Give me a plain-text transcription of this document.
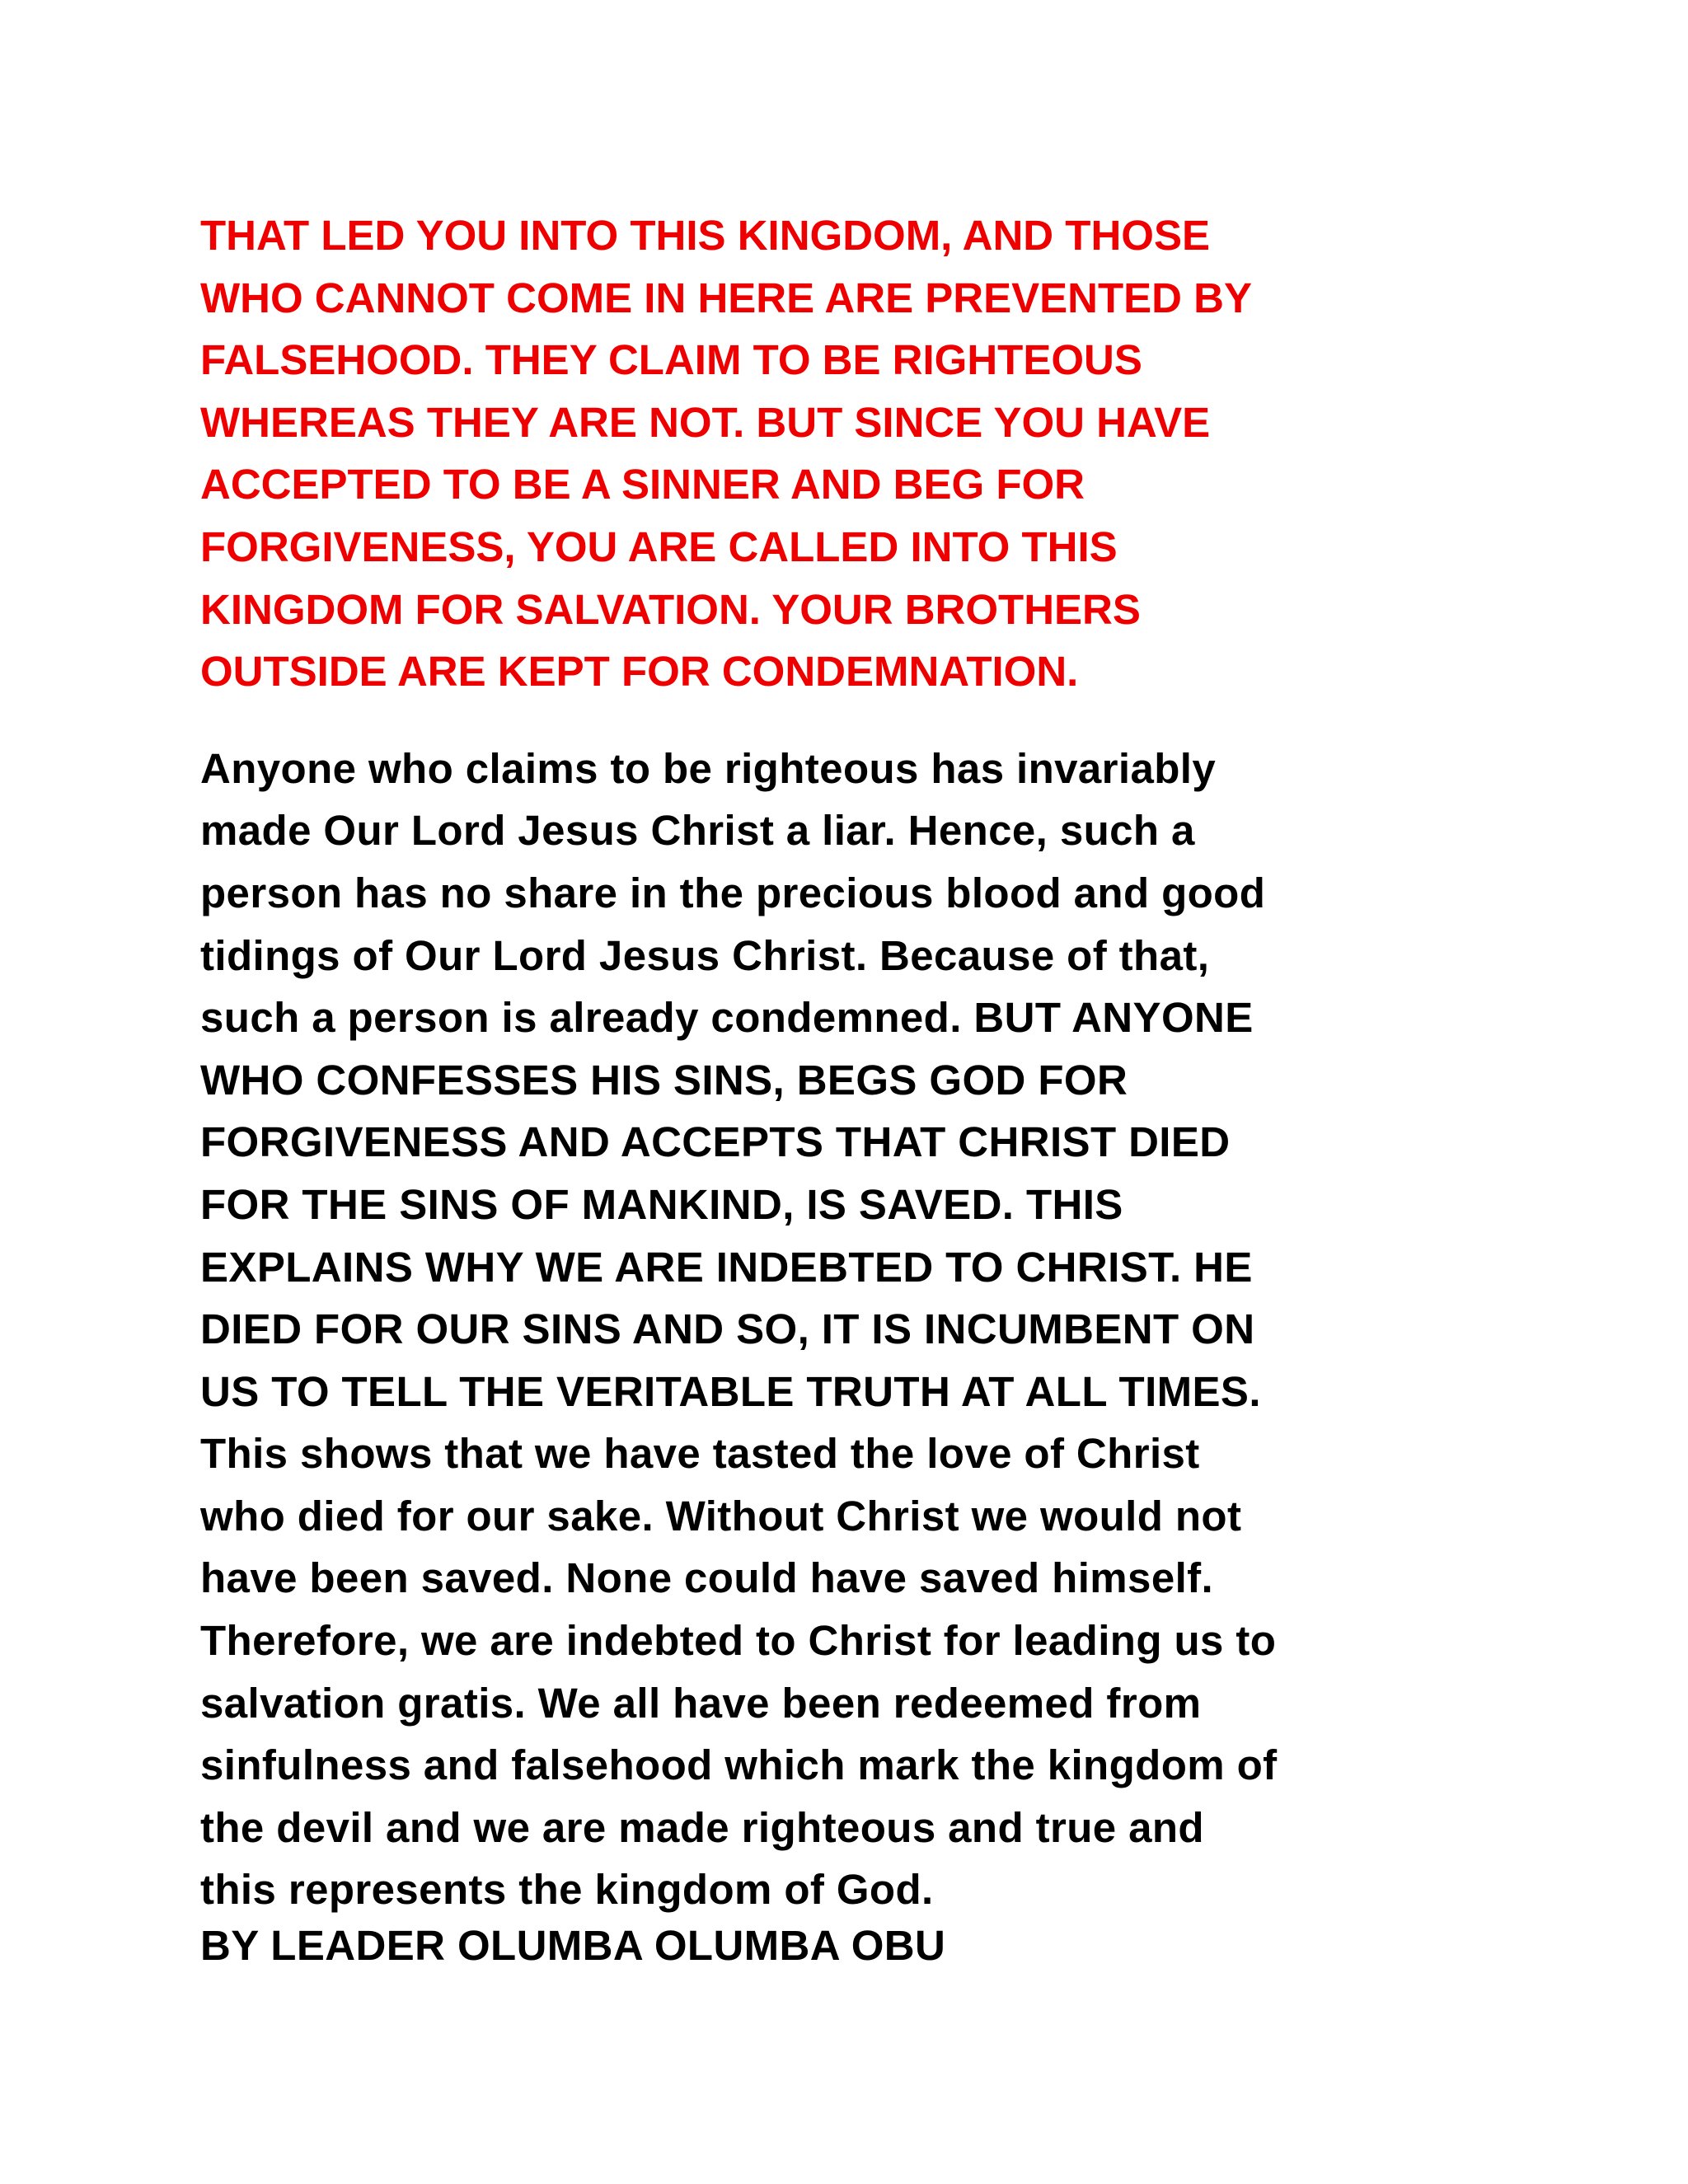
THAT LED YOU INTO THIS KINGDOM, AND THOSE
WHO CANNOT COME IN HERE ARE PREVENTED BY
FALSEHOOD. THEY CLAIM TO BE RIGHTEOUS
WHEREAS THEY ARE NOT. BUT SINCE YOU HAVE
ACCEPTED TO BE A SINNER AND BEG FOR
FORGIVENESS, YOU ARE CALLED INTO THIS
KINGDOM FOR SALVATION. YOUR BROTHERS
OUTSIDE ARE KEPT FOR CONDEMNATION.

Anyone who claims to be righteous has invariably
made Our Lord Jesus Christ a liar. Hence, such a
person has no share in the precious blood and good
tidings of Our Lord Jesus Christ. Because of that,
such a person is already condemned. BUT ANYONE
WHO CONFESSES HIS SINS, BEGS GOD FOR
FORGIVENESS AND ACCEPTS THAT CHRIST DIED
FOR THE SINS OF MANKIND, IS SAVED. THIS
EXPLAINS WHY WE ARE INDEBTED TO CHRIST. HE
DIED FOR OUR SINS AND SO, IT IS INCUMBENT ON
US TO TELL THE VERITABLE TRUTH AT ALL TIMES.
This shows that we have tasted the love of Christ
who died for our sake. Without Christ we would not
have been saved. None could have saved himself.
Therefore, we are indebted to Christ for leading us to
salvation gratis. We all have been redeemed from
sinfulness and falsehood which mark the kingdom of
the devil and we are made righteous and true and
this represents the kingdom of God.
BY LEADER OLUMBA OLUMBA OBU
